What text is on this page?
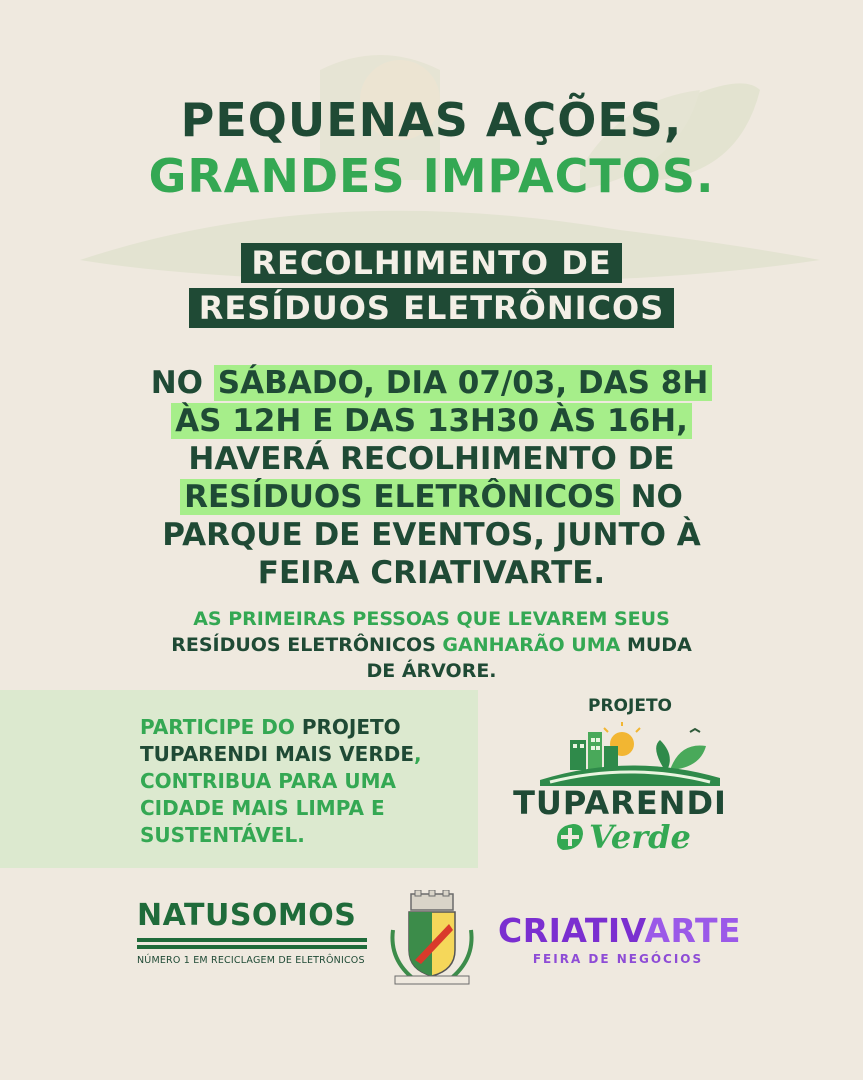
PEQUENAS AÇÕES,
GRANDES IMPACTOS.
RECOLHIMENTO DE
RESÍDUOS ELETRÔNICOS
NO SÁBADO, DIA 07/03, DAS 8H
ÀS 12H E DAS 13H30 ÀS 16H,
HAVERÁ RECOLHIMENTO DE
RESÍDUOS ELETRÔNICOS NO
PARQUE DE EVENTOS, JUNTO À
FEIRA CRIATIVARTE.
AS PRIMEIRAS PESSOAS QUE LEVAREM SEUS
RESÍDUOS ELETRÔNICOS GANHARÃO UMA MUDA
DE ÁRVORE.
PARTICIPE DO PROJETO TUPARENDI MAIS VERDE, CONTRIBUA PARA UMA CIDADE MAIS LIMPA E SUSTENTÁVEL.
PROJETO
TUPARENDI
Verde
NATUSOMOS
NÚMERO 1 EM RECICLAGEM DE ELETRÔNICOS
CRIATIVARTE
FEIRA DE NEGÓCIOS
